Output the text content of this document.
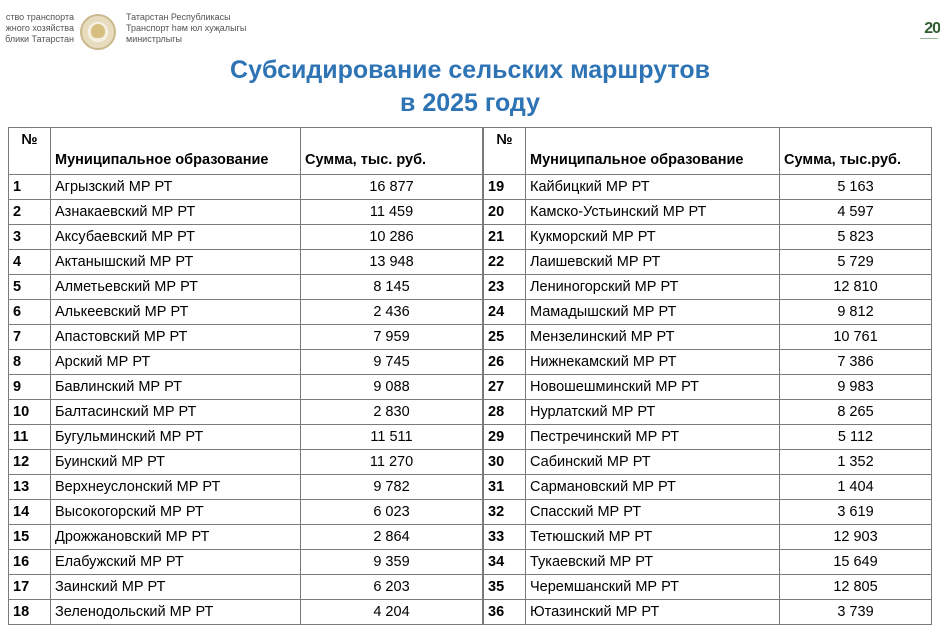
ство транспорта
жного хозяйства
блики Татарстан
Татарстан Республикасы
Транспорт һәм юл хуҗалыгы
министрлыгы
20
Субсидирование сельских маршрутов
в 2025 году
№	Муниципальное образование	Сумма, тыс. руб.		№	Муниципальное образование	Сумма, тыс.руб.
1	Агрызский МР РТ	16 877		19	Кайбицкий МР РТ	5 163
2	Азнакаевский МР РТ	11 459		20	Камско-Устьинский МР РТ	4 597
3	Аксубаевский МР РТ	10 286		21	Кукморский МР РТ	5 823
4	Актанышский МР РТ	13 948		22	Лаишевский МР РТ	5 729
5	Алметьевский МР РТ	8 145		23	Лениногорский МР РТ	12 810
6	Алькеевский МР РТ	2 436		24	Мамадышский МР РТ	9 812
7	Апастовский МР РТ	7 959		25	Мензелинский МР РТ	10 761
8	Арский МР РТ	9 745		26	Нижнекамский МР РТ	7 386
9	Бавлинский МР РТ	9 088		27	Новошешминский МР РТ	9 983
10	Балтасинский МР РТ	2 830		28	Нурлатский МР РТ	8 265
11	Бугульминский МР РТ	11 511		29	Пестречинский МР РТ	5 112
12	Буинский МР РТ	11 270		30	Сабинский МР РТ	1 352
13	Верхнеуслонский МР РТ	9 782		31	Сармановский МР РТ	1 404
14	Высокогорский МР РТ	6 023		32	Спасский МР РТ	3 619
15	Дрожжановский МР РТ	2 864		33	Тетюшский МР РТ	12 903
16	Елабужский МР РТ	9 359		34	Тукаевский МР РТ	15 649
17	Заинский МР РТ	6 203		35	Черемшанский МР РТ	12 805
18	Зеленодольский МР РТ	4 204		36	Ютазинский МР РТ	3 739
